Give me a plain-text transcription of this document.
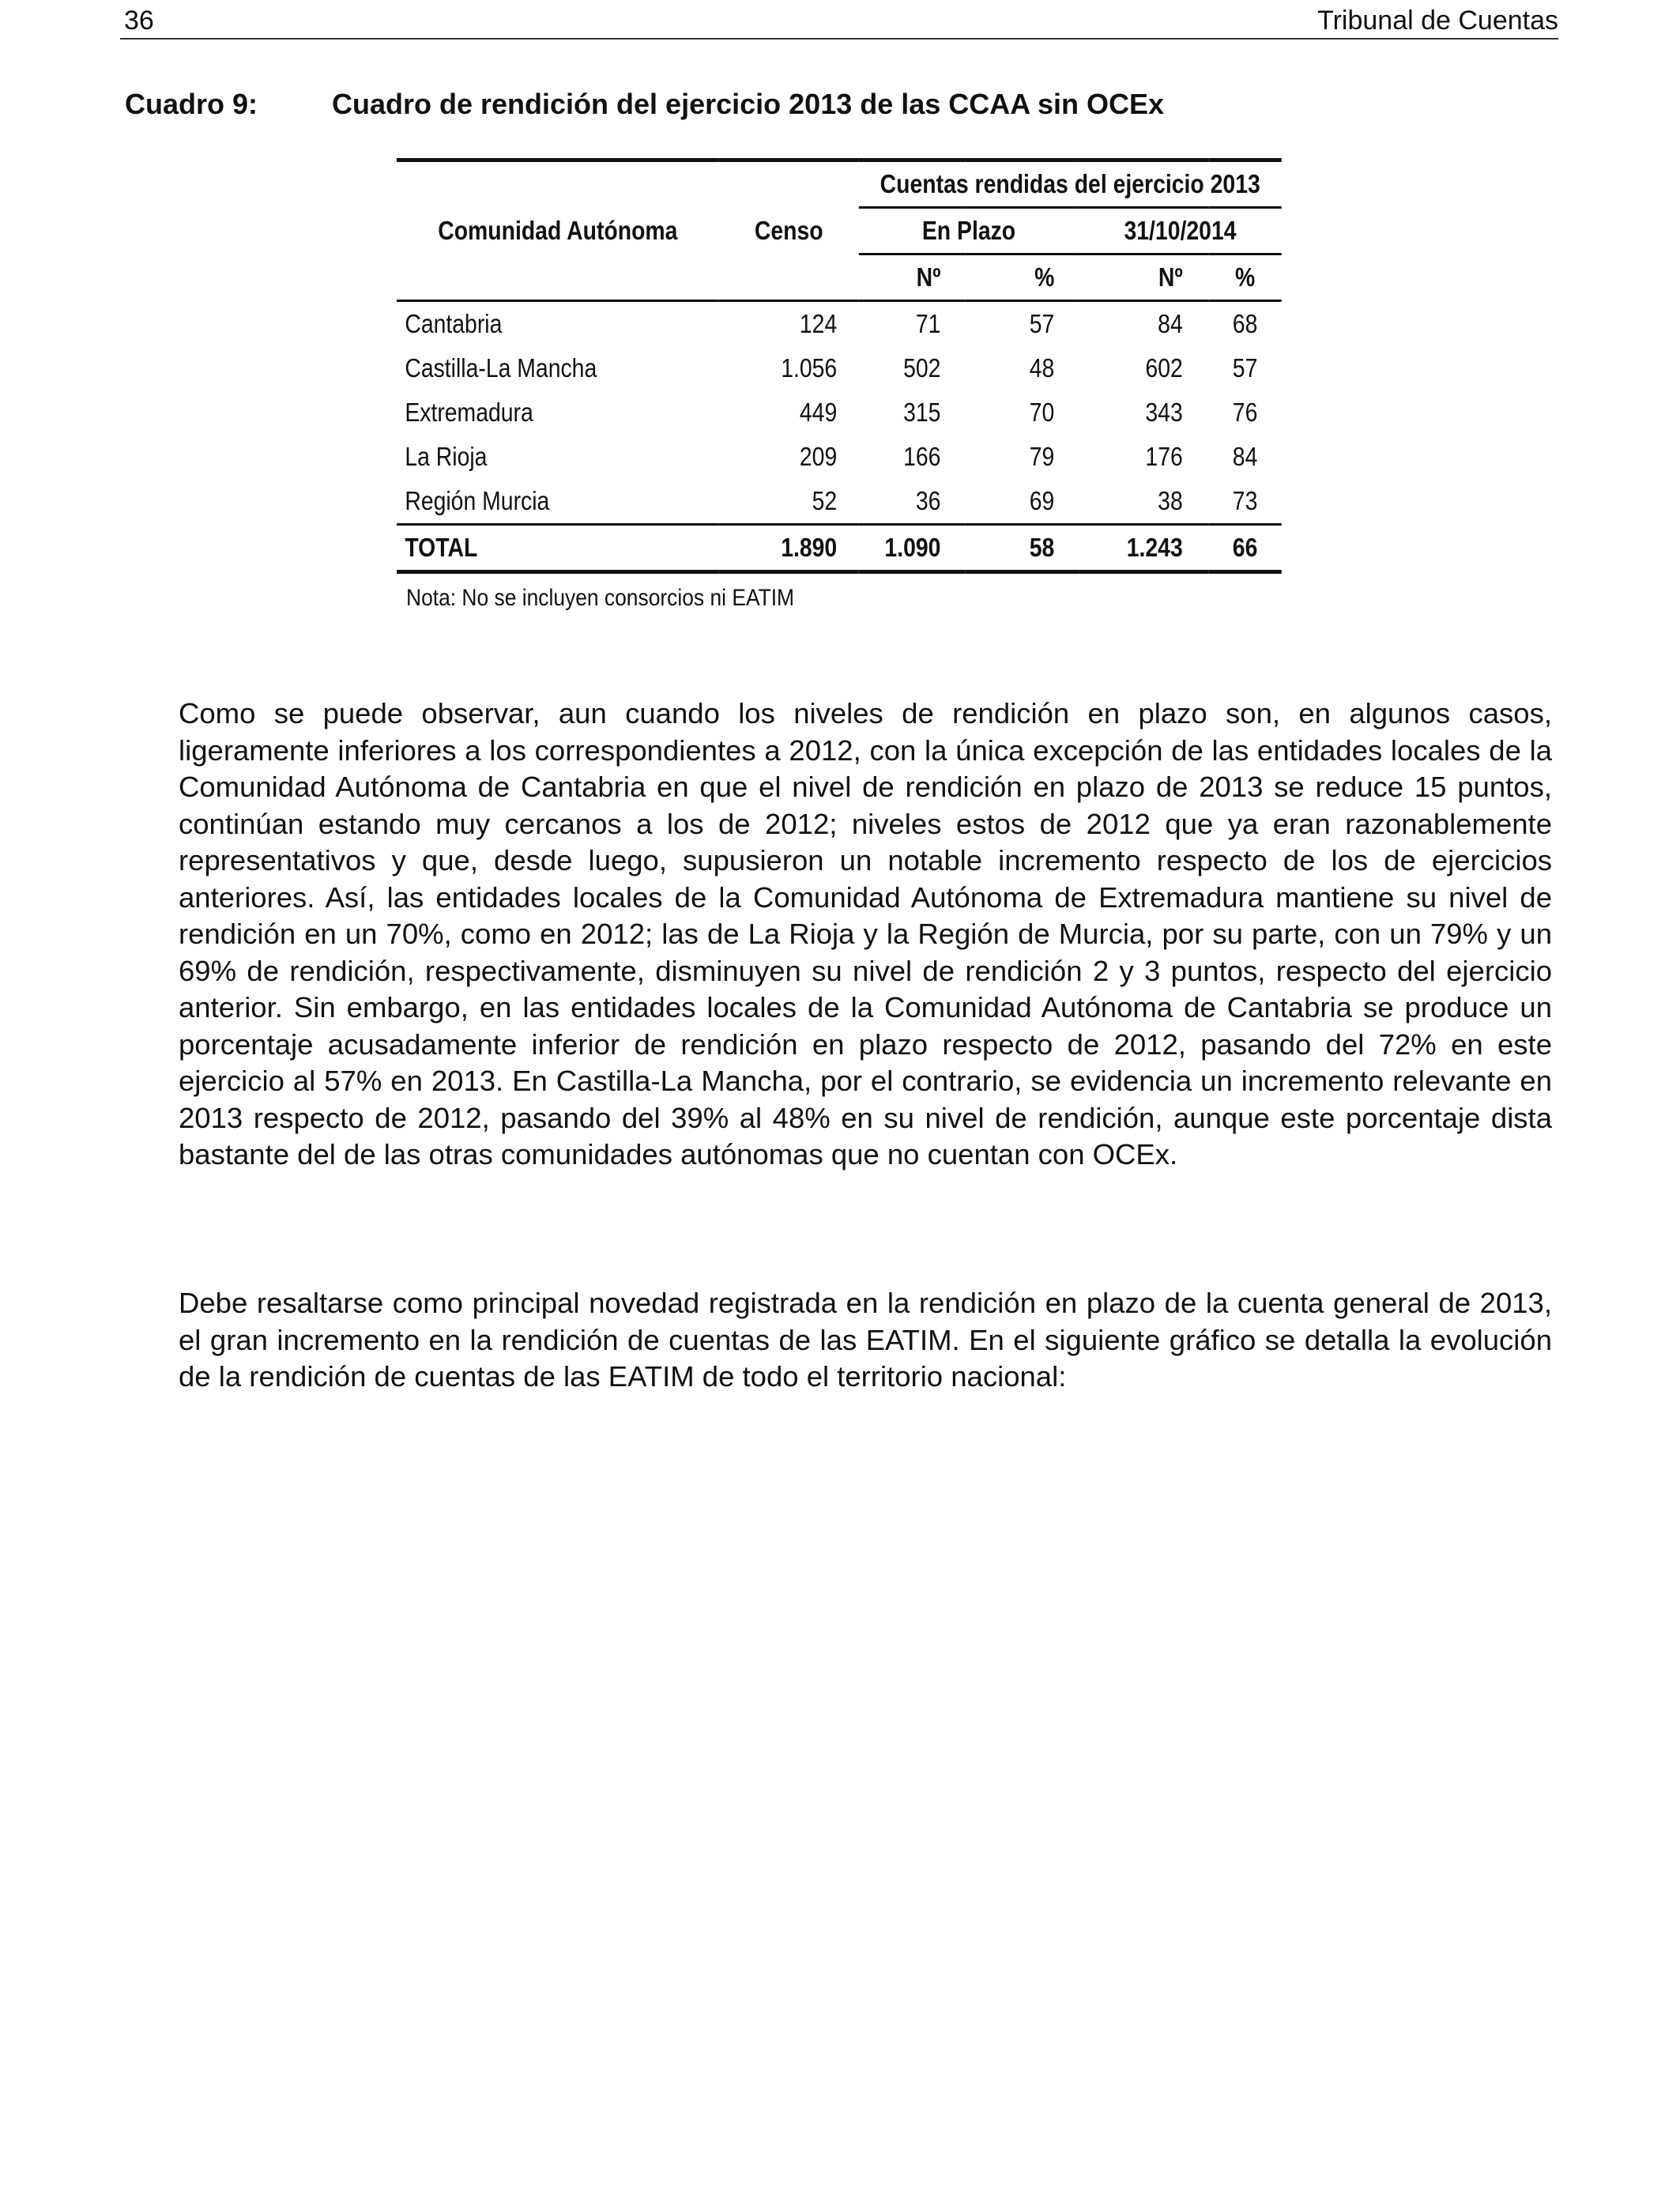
36	Tribunal de Cuentas
Cuadro 9:	Cuadro de rendición del ejercicio 2013 de las CCAA sin OCEx
		Cuentas rendidas del ejercicio 2013			
Comunidad Autónoma	Censo	En Plazo		31/10/2014	
		Nº	%	Nº	%
Cantabria	124	71	57	84	68
Castilla-La Mancha	1.056	502	48	602	57
Extremadura	449	315	70	343	76
La Rioja	209	166	79	176	84
Región Murcia	52	36	69	38	73
TOTAL	1.890	1.090	58	1.243	66
Nota: No se incluyen consorcios ni EATIM

Como se puede observar, aun cuando los niveles de rendición en plazo son, en algunos casos, ligeramente inferiores a los correspondientes a 2012, con la única excepción de las entidades locales de la Comunidad Autónoma de Cantabria en que el nivel de rendición en plazo de 2013 se reduce 15 puntos, continúan estando muy cercanos a los de 2012; niveles estos de 2012 que ya eran razonablemente representativos y que, desde luego, supusieron un notable incremento respecto de los de ejercicios anteriores. Así, las entidades locales de la Comunidad Autónoma de Extremadura mantiene su nivel de rendición en un 70%, como en 2012; las de La Rioja y la Región de Murcia, por su parte, con un 79% y un 69% de rendición, respectivamente, disminuyen su nivel de rendición 2 y 3 puntos, respecto del ejercicio anterior. Sin embargo, en las entidades locales de la Comunidad Autónoma de Cantabria se produce un porcentaje acusadamente inferior de rendición en plazo respecto de 2012, pasando del 72% en este ejercicio al 57% en 2013. En Castilla-La Mancha, por el contrario, se evidencia un incremento relevante en 2013 respecto de 2012, pasando del 39% al 48% en su nivel de rendición, aunque este porcentaje dista bastante del de las otras comunidades autónomas que no cuentan con OCEx.

Debe resaltarse como principal novedad registrada en la rendición en plazo de la cuenta general de 2013, el gran incremento en la rendición de cuentas de las EATIM. En el siguiente gráfico se detalla la evolución de la rendición de cuentas de las EATIM de todo el territorio nacional:
